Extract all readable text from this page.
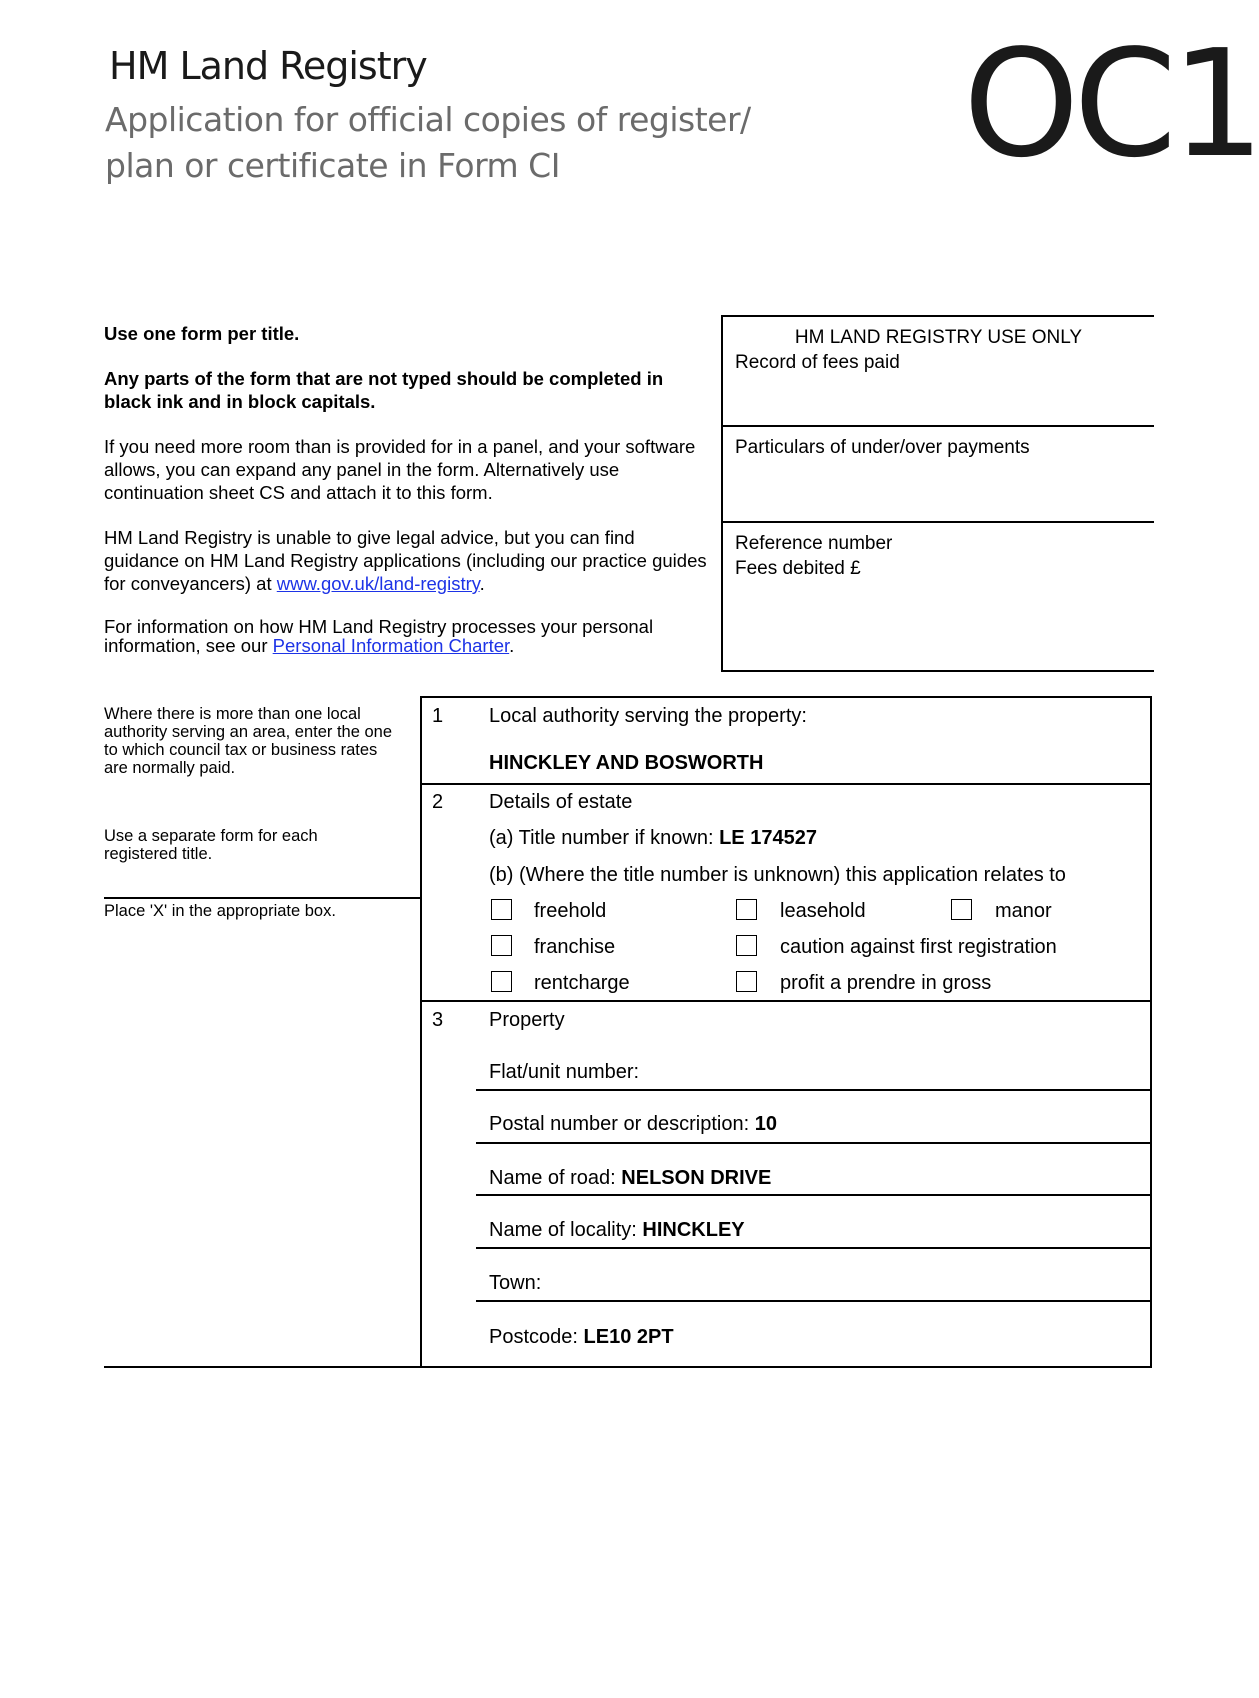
HM Land Registry
Application for official copies of register/
plan or certificate in Form CI	OC1

Use one form per title.

Any parts of the form that are not typed should be completed in black ink and in block capitals.

If you need more room than is provided for in a panel, and your software allows, you can expand any panel in the form. Alternatively use continuation sheet CS and attach it to this form.

HM Land Registry is unable to give legal advice, but you can find guidance on HM Land Registry applications (including our practice guides for conveyancers) at www.gov.uk/land-registry.

For information on how HM Land Registry processes your personal information, see our Personal Information Charter.

HM LAND REGISTRY USE ONLY
Record of fees paid
Particulars of under/over payments
Reference number
Fees debited £
Where there is more than one local authority serving an area, enter the one to which council tax or business rates are normally paid.
Use a separate form for each registered title.
Place 'X' in the appropriate box.
1 Local authority serving the property:
HINCKLEY AND BOSWORTH
2 Details of estate
(a) Title number if known: LE 174527
(b) (Where the title number is unknown) this application relates to
freehold	leasehold	manor
franchise	caution against first registration
rentcharge	profit a prendre in gross
3 Property
Flat/unit number:
Postal number or description: 10
Name of road: NELSON DRIVE
Name of locality: HINCKLEY
Town:
Postcode: LE10 2PT
